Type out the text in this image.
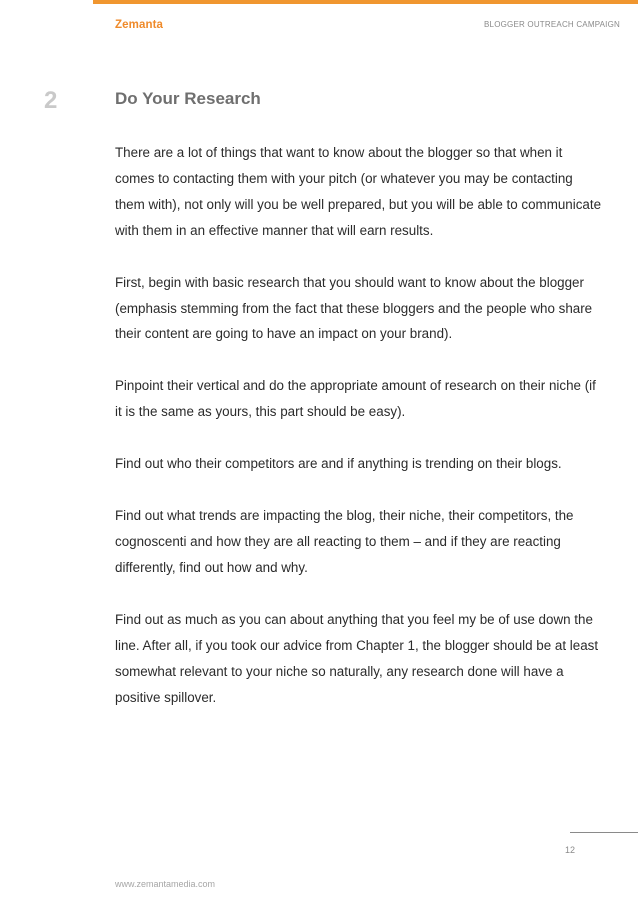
Zemanta	BLOGGER OUTREACH CAMPAIGN
2	Do Your Research

There are a lot of things that want to know about the blogger so that when it comes to contacting them with your pitch (or whatever you may be contacting them with), not only will you be well prepared, but you will be able to communicate with them in an effective manner that will earn results.

First, begin with basic research that you should want to know about the blogger (emphasis stemming from the fact that these bloggers and the people who share their content are going to have an impact on your brand).

Pinpoint their vertical and do the appropriate amount of research on their niche (if it is the same as yours, this part should be easy).

Find out who their competitors are and if anything is trending on their blogs.

Find out what trends are impacting the blog, their niche, their competitors, the cognoscenti and how they are all reacting to them – and if they are reacting differently, find out how and why.

Find out as much as you can about anything that you feel my be of use down the line. After all, if you took our advice from Chapter 1, the blogger should be at least somewhat relevant to your niche so naturally, any research done will have a positive spillover.

12
www.zemantamedia.com
